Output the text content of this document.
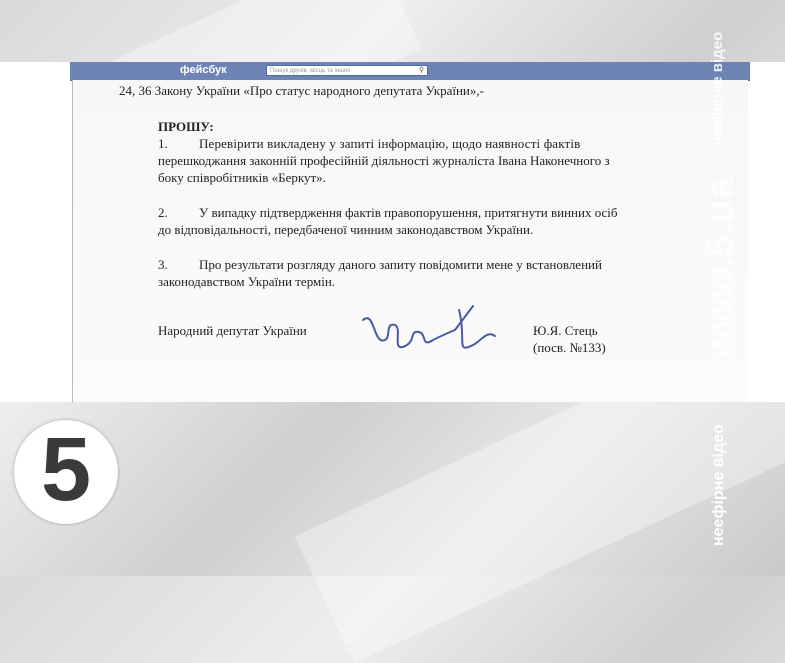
фейсбук	Пошук друзів, місць та інших	⚲
24, 36 Закону України «Про статус народного депутата України»,-
ПРОШУ:
1. Перевірити викладену у запиті інформацію, щодо наявності фактів
перешкоджання законній професійній діяльності журналіста Івана Наконечного з
боку співробітників «Беркут».
2. У випадку підтвердження фактів правопорушення, притягнути винних осіб
до відповідальності, передбаченої чинним законодавством України.
3. Про результати розгляду даного запиту повідомити мене у встановлений
законодавством України термін.
Народний депутат України	Ю.Я. Стець
(посв. №133)
неефірне відео
www.5.ua
неефірне відео
5
